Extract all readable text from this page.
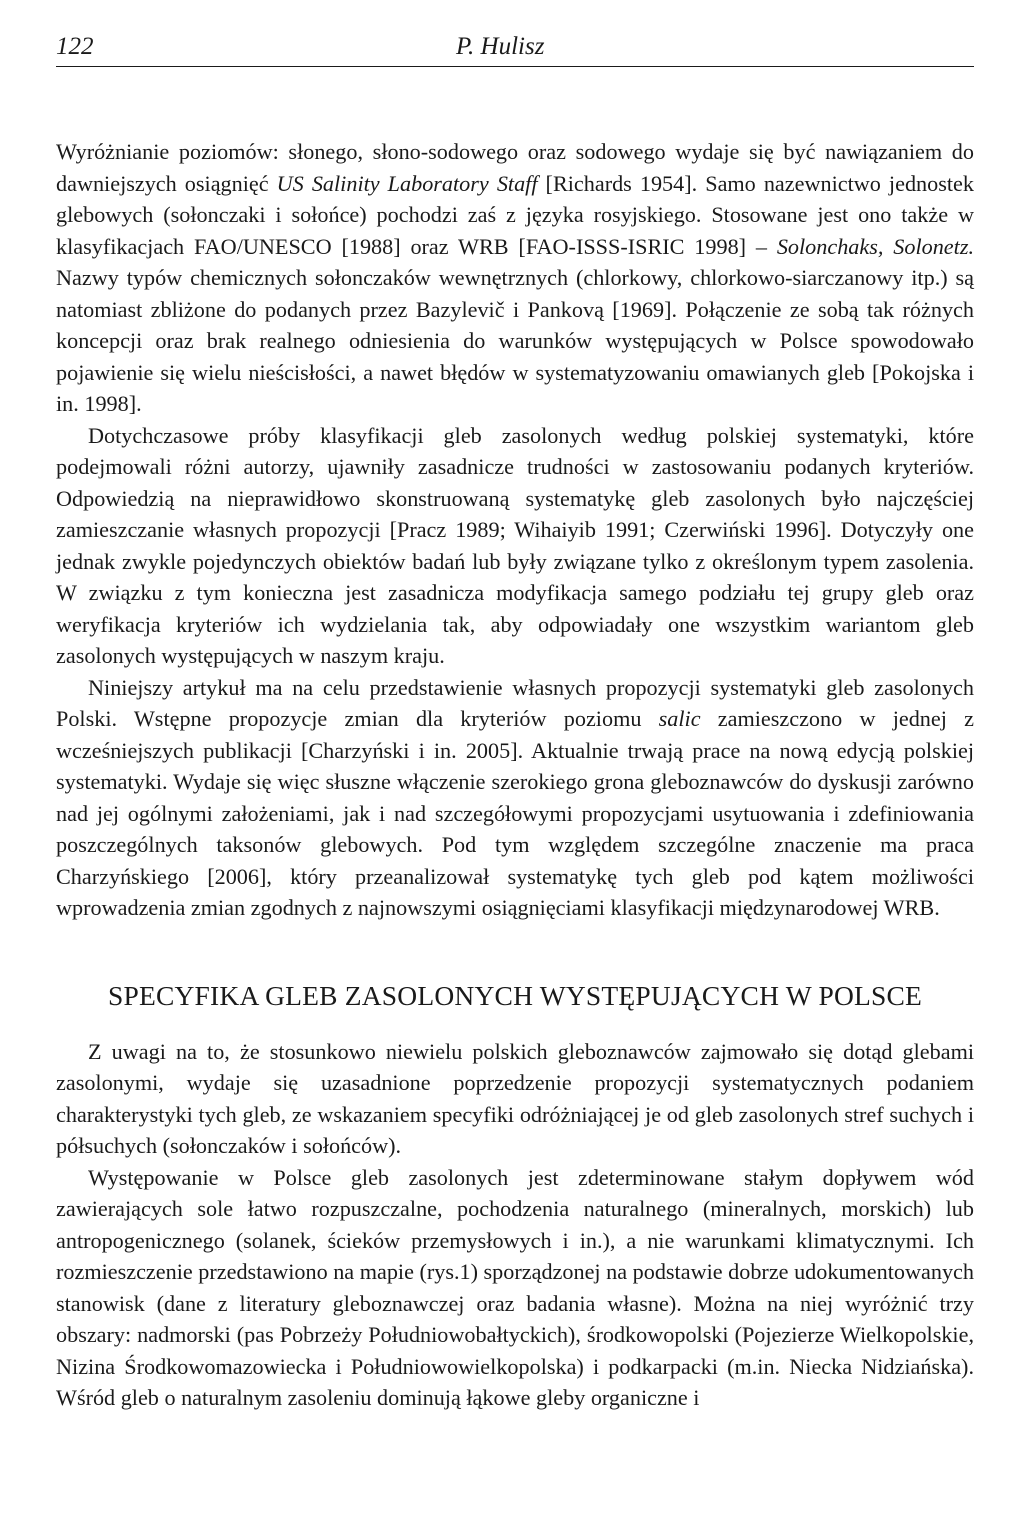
122	P. Hulisz

Wyróżnianie poziomów: słonego, słono-sodowego oraz sodowego wydaje się być nawiązaniem do dawniejszych osiągnięć US Salinity Laboratory Staff [Richards 1954]. Samo nazewnictwo jednostek glebowych (sołonczaki i sołońce) pochodzi zaś z języka rosyjskiego. Stosowane jest ono także w klasyfikacjach FAO/UNESCO [1988] oraz WRB [FAO-ISSS-ISRIC 1998] – Solonchaks, Solonetz. Nazwy typów chemicznych sołonczaków wewnętrznych (chlorkowy, chlorkowo-siarczanowy itp.) są natomiast zbliżone do podanych przez Bazylevič i Pankovą [1969]. Połączenie ze sobą tak różnych koncepcji oraz brak realnego odniesienia do warunków występujących w Polsce spowodowało pojawienie się wielu nieścisłości, a nawet błędów w systematyzowaniu omawianych gleb [Pokojska i in. 1998].

Dotychczasowe próby klasyfikacji gleb zasolonych według polskiej systematyki, które podejmowali różni autorzy, ujawniły zasadnicze trudności w zastosowaniu podanych kryteriów. Odpowiedzią na nieprawidłowo skonstruowaną systematykę gleb zasolonych było najczęściej zamieszczanie własnych propozycji [Pracz 1989; Wihaiyib 1991; Czerwiński 1996]. Dotyczyły one jednak zwykle pojedynczych obiektów badań lub były związane tylko z określonym typem zasolenia. W związku z tym konieczna jest zasadnicza modyfikacja samego podziału tej grupy gleb oraz weryfikacja kryteriów ich wydzielania tak, aby odpowiadały one wszystkim wariantom gleb zasolonych występujących w naszym kraju.

Niniejszy artykuł ma na celu przedstawienie własnych propozycji systematyki gleb zasolonych Polski. Wstępne propozycje zmian dla kryteriów poziomu salic zamieszczono w jednej z wcześniejszych publikacji [Charzyński i in. 2005]. Aktualnie trwają prace na nową edycją polskiej systematyki. Wydaje się więc słuszne włączenie szerokiego grona gleboznawców do dyskusji zarówno nad jej ogólnymi założeniami, jak i nad szczegółowymi propozycjami usytuowania i zdefiniowania poszczególnych taksonów glebowych. Pod tym względem szczególne znaczenie ma praca Charzyńskiego [2006], który przeanalizował systematykę tych gleb pod kątem możliwości wprowadzenia zmian zgodnych z najnowszymi osiągnięciami klasyfikacji międzynarodowej WRB.

SPECYFIKA GLEB ZASOLONYCH WYSTĘPUJĄCYCH W POLSCE

Z uwagi na to, że stosunkowo niewielu polskich gleboznawców zajmowało się dotąd glebami zasolonymi, wydaje się uzasadnione poprzedzenie propozycji systematycznych podaniem charakterystyki tych gleb, ze wskazaniem specyfiki odróżniającej je od gleb zasolonych stref suchych i półsuchych (sołonczaków i sołońców).

Występowanie w Polsce gleb zasolonych jest zdeterminowane stałym dopływem wód zawierających sole łatwo rozpuszczalne, pochodzenia naturalnego (mineralnych, morskich) lub antropogenicznego (solanek, ścieków przemysłowych i in.), a nie warunkami klimatycznymi. Ich rozmieszczenie przedstawiono na mapie (rys.1) sporządzonej na podstawie dobrze udokumentowanych stanowisk (dane z literatury gleboznawczej oraz badania własne). Można na niej wyróżnić trzy obszary: nadmorski (pas Pobrzeży Południowobałtyckich), środkowopolski (Pojezierze Wielkopolskie, Nizina Środkowomazowiecka i Południowowielkopolska) i podkarpacki (m.in. Niecka Nidziańska). Wśród gleb o naturalnym zasoleniu dominują łąkowe gleby organiczne i
